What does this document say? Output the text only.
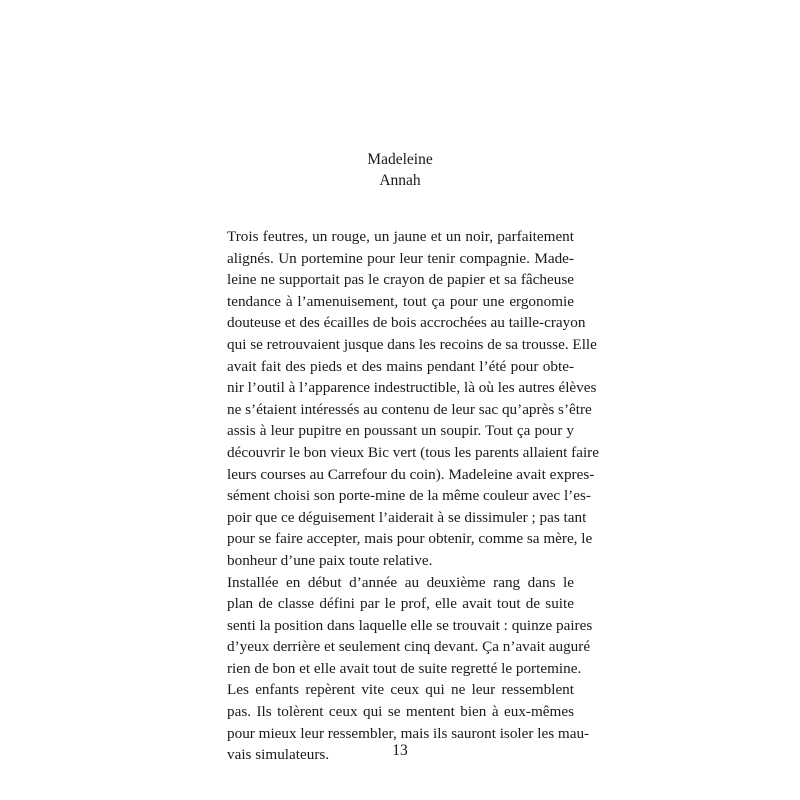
Madeleine
Annah
Trois feutres, un rouge, un jaune et un noir, parfaitement
alignés. Un portemine pour leur tenir compagnie. Made-
leine ne supportait pas le crayon de papier et sa fâcheuse
tendance à l’amenuisement, tout ça pour une ergonomie
douteuse et des écailles de bois accrochées au taille-crayon
qui se retrouvaient jusque dans les recoins de sa trousse. Elle
avait fait des pieds et des mains pendant l’été pour obte-
nir l’outil à l’apparence indestructible, là où les autres élèves
ne s’étaient intéressés au contenu de leur sac qu’après s’être
assis à leur pupitre en poussant un soupir. Tout ça pour y
découvrir le bon vieux Bic vert (tous les parents allaient faire
leurs courses au Carrefour du coin). Madeleine avait expres-
sément choisi son porte-mine de la même couleur avec l’es-
poir que ce déguisement l’aiderait à se dissimuler ; pas tant
pour se faire accepter, mais pour obtenir, comme sa mère, le
bonheur d’une paix toute relative.
Installée en début d’année au deuxième rang dans le
plan de classe défini par le prof, elle avait tout de suite
senti la position dans laquelle elle se trouvait : quinze paires
d’yeux derrière et seulement cinq devant. Ça n’avait auguré
rien de bon et elle avait tout de suite regretté le portemine.
Les enfants repèrent vite ceux qui ne leur ressemblent
pas. Ils tolèrent ceux qui se mentent bien à eux-mêmes
pour mieux leur ressembler, mais ils sauront isoler les mau-
vais simulateurs.	13
